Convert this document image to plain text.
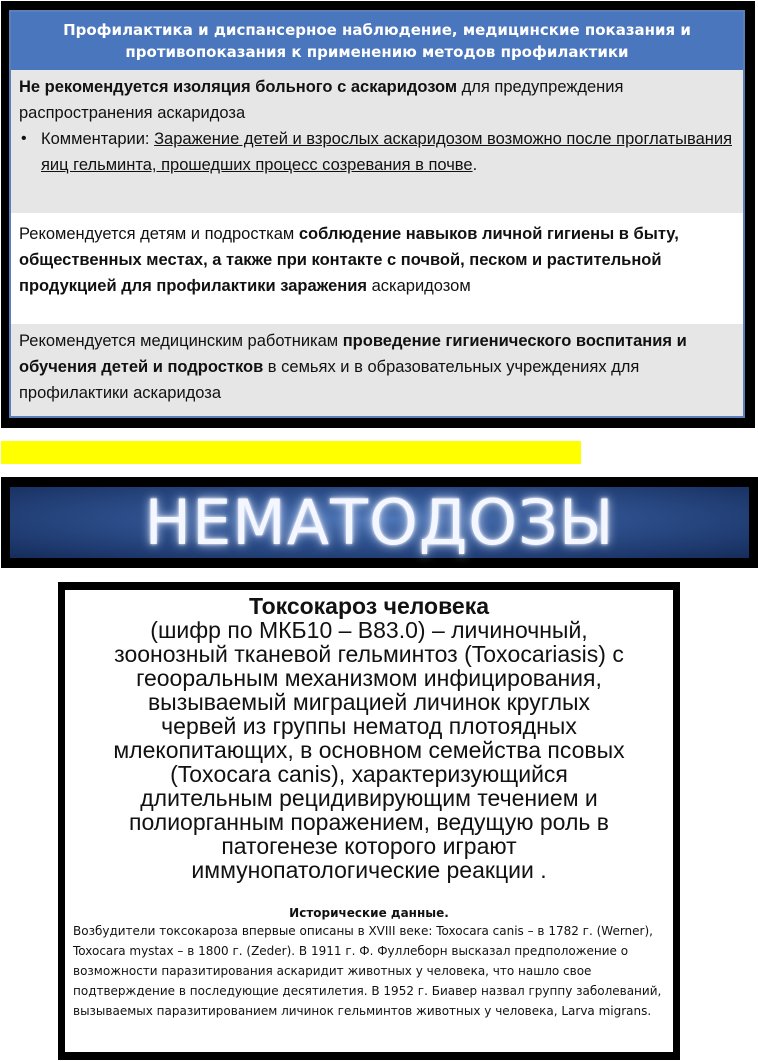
Профилактика и диспансерное наблюдение, медицинские показания и
противопоказания к применению методов профилактики
Не рекомендуется изоляция больного с аскаридозом для предупреждения распространения аскаридоза
• Комментарии: Заражение детей и взрослых аскаридозом возможно после проглатывания яиц гельминта, прошедших процесс созревания в почве.
Рекомендуется детям и подросткам соблюдение навыков личной гигиены в быту, общественных местах, а также при контакте с почвой, песком и растительной продукцией для профилактики заражения аскаридозом
Рекомендуется медицинским работникам проведение гигиенического воспитания и обучения детей и подростков в семьях и в образовательных учреждениях для профилактики аскаридоза
НЕМАТОДОЗЫ
Токсокароз человека
(шифр по МКБ10 – В83.0) – личиночный,
зоонозный тканевой гельминтоз (Toxocariasis) с
геооральным механизмом инфицирования,
вызываемый миграцией личинок круглых
червей из группы нематод плотоядных
млекопитающих, в основном семейства псовых
(Toxocara canis), характеризующийся
длительным рецидивирующим течением и
полиорганным поражением, ведущую роль в
патогенезе которого играют
иммунопатологические реакции .
Исторические данные.
Возбудители токсокароза впервые описаны в XVIII веке: Toxocara canis – в 1782 г. (Werner),
Toxocara mystax – в 1800 г. (Zeder). В 1911 г. Ф. Фуллеборн высказал предположение о
возможности паразитирования аскаридит животных у человека, что нашло свое
подтверждение в последующие десятилетия. В 1952 г. Биавер назвал группу заболеваний,
вызываемых паразитированием личинок гельминтов животных у человека, Larva migrans.
